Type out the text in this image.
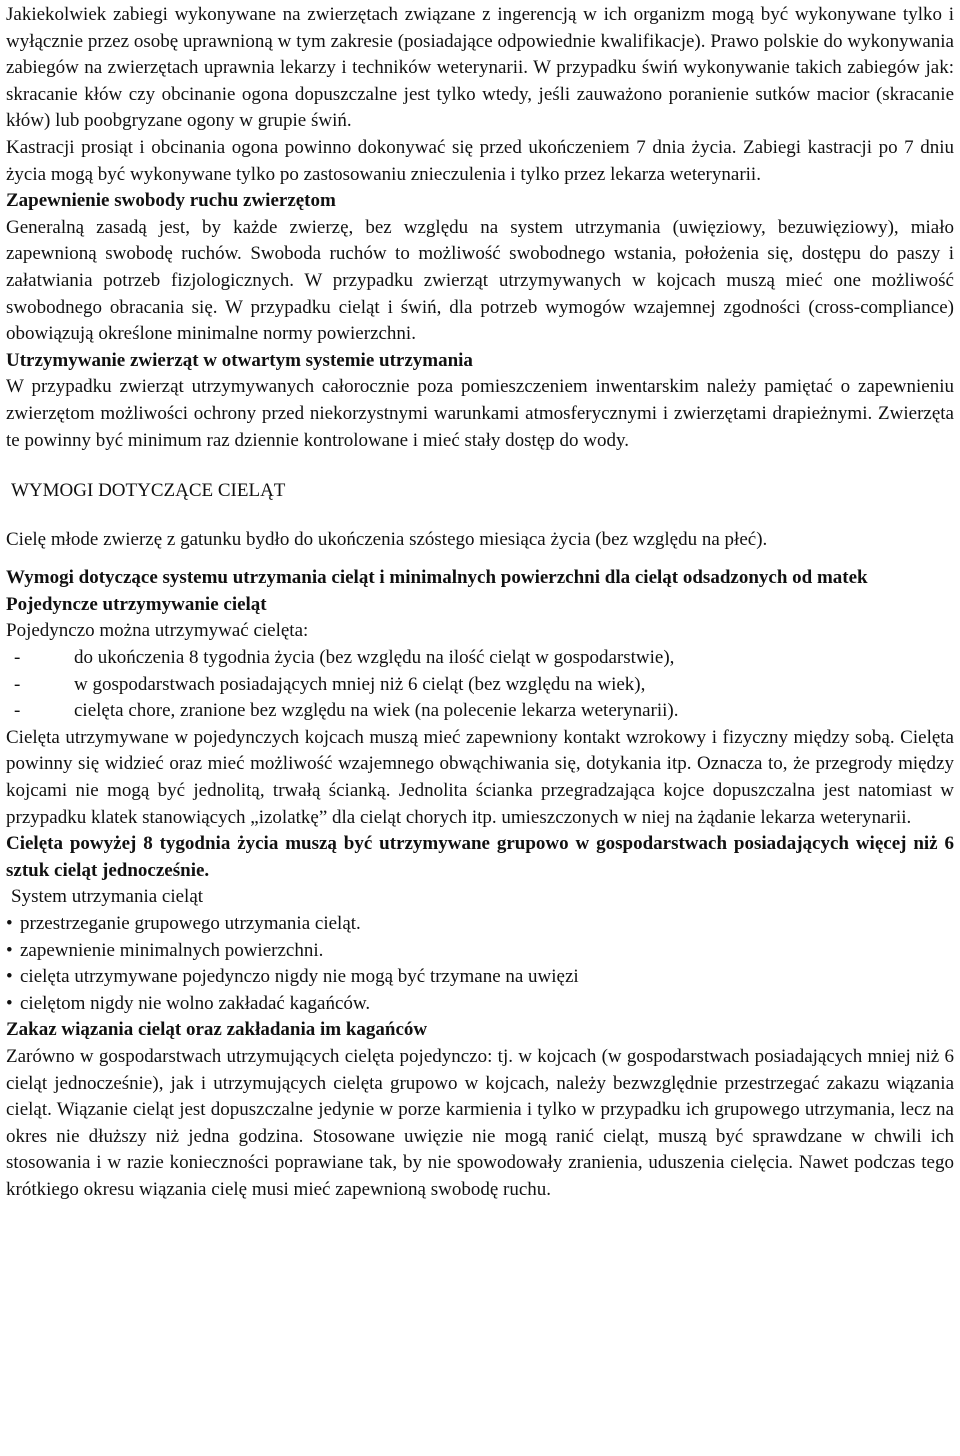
Jakiekolwiek zabiegi wykonywane na zwierzętach związane z ingerencją w ich organizm mogą być wykonywane tylko i wyłącznie przez osobę uprawnioną w tym zakresie (posiadające odpowiednie kwalifikacje). Prawo polskie do wykonywania zabiegów na zwierzętach uprawnia lekarzy i techników weterynarii. W przypadku świń wykonywanie takich zabiegów jak: skracanie kłów czy obcinanie ogona dopuszczalne jest tylko wtedy, jeśli zauważono poranienie sutków macior (skracanie kłów) lub poobgryzane ogony w grupie świń.

Kastracji prosiąt i obcinania ogona powinno dokonywać się przed ukończeniem 7 dnia życia. Zabiegi kastracji po 7 dniu życia mogą być wykonywane tylko po zastosowaniu znieczulenia i tylko przez lekarza weterynarii.

Zapewnienie swobody ruchu zwierzętom

Generalną zasadą jest, by każde zwierzę, bez względu na system utrzymania (uwięziowy, bezuwięziowy), miało zapewnioną swobodę ruchów. Swoboda ruchów to możliwość swobodnego wstania, położenia się, dostępu do paszy i załatwiania potrzeb fizjologicznych. W przypadku zwierząt utrzymywanych w kojcach muszą mieć one możliwość swobodnego obracania się. W przypadku cieląt i świń, dla potrzeb wymogów wzajemnej zgodności (cross-compliance) obowiązują określone minimalne normy powierzchni.

Utrzymywanie zwierząt w otwartym systemie utrzymania

W przypadku zwierząt utrzymywanych całorocznie poza pomieszczeniem inwentarskim należy pamiętać o zapewnieniu zwierzętom możliwości ochrony przed niekorzystnymi warunkami atmosferycznymi i zwierzętami drapieżnymi. Zwierzęta te powinny być minimum raz dziennie kontrolowane i mieć stały dostęp do wody.

WYMOGI DOTYCZĄCE CIELĄT

Cielę młode zwierzę z gatunku bydło do ukończenia szóstego miesiąca życia (bez względu na płeć).

Wymogi dotyczące systemu utrzymania cieląt i minimalnych powierzchni dla cieląt odsadzonych od matek

Pojedyncze utrzymywanie cieląt

Pojedynczo można utrzymywać cielęta:

- do ukończenia 8 tygodnia życia (bez względu na ilość cieląt w gospodarstwie),
- w gospodarstwach posiadających mniej niż 6 cieląt (bez względu na wiek),
- cielęta chore, zranione bez względu na wiek (na polecenie lekarza weterynarii).

Cielęta utrzymywane w pojedynczych kojcach muszą mieć zapewniony kontakt wzrokowy i fizyczny między sobą. Cielęta powinny się widzieć oraz mieć możliwość wzajemnego obwąchiwania się, dotykania itp. Oznacza to, że przegrody między kojcami nie mogą być jednolitą, trwałą ścianką. Jednolita ścianka przegradzająca kojce dopuszczalna jest natomiast w przypadku klatek stanowiących „izolatkę” dla cieląt chorych itp. umieszczonych w niej na żądanie lekarza weterynarii.

Cielęta powyżej 8 tygodnia życia muszą być utrzymywane grupowo w gospodarstwach posiadających więcej niż 6 sztuk cieląt jednocześnie.

System utrzymania cieląt

• przestrzeganie grupowego utrzymania cieląt.
• zapewnienie minimalnych powierzchni.
• cielęta utrzymywane pojedynczo nigdy nie mogą być trzymane na uwięzi
• cielętom nigdy nie wolno zakładać kagańców.

Zakaz wiązania cieląt oraz zakładania im kagańców

Zarówno w gospodarstwach utrzymujących cielęta pojedynczo: tj. w kojcach (w gospodarstwach posiadających mniej niż 6 cieląt jednocześnie), jak i utrzymujących cielęta grupowo w kojcach, należy bezwzględnie przestrzegać zakazu wiązania cieląt. Wiązanie cieląt jest dopuszczalne jedynie w porze karmienia i tylko w przypadku ich grupowego utrzymania, lecz na okres nie dłuższy niż jedna godzina. Stosowane uwięzie nie mogą ranić cieląt, muszą być sprawdzane w chwili ich stosowania i w razie konieczności poprawiane tak, by nie spowodowały zranienia, uduszenia cielęcia. Nawet podczas tego krótkiego okresu wiązania cielę musi mieć zapewnioną swobodę ruchu.
